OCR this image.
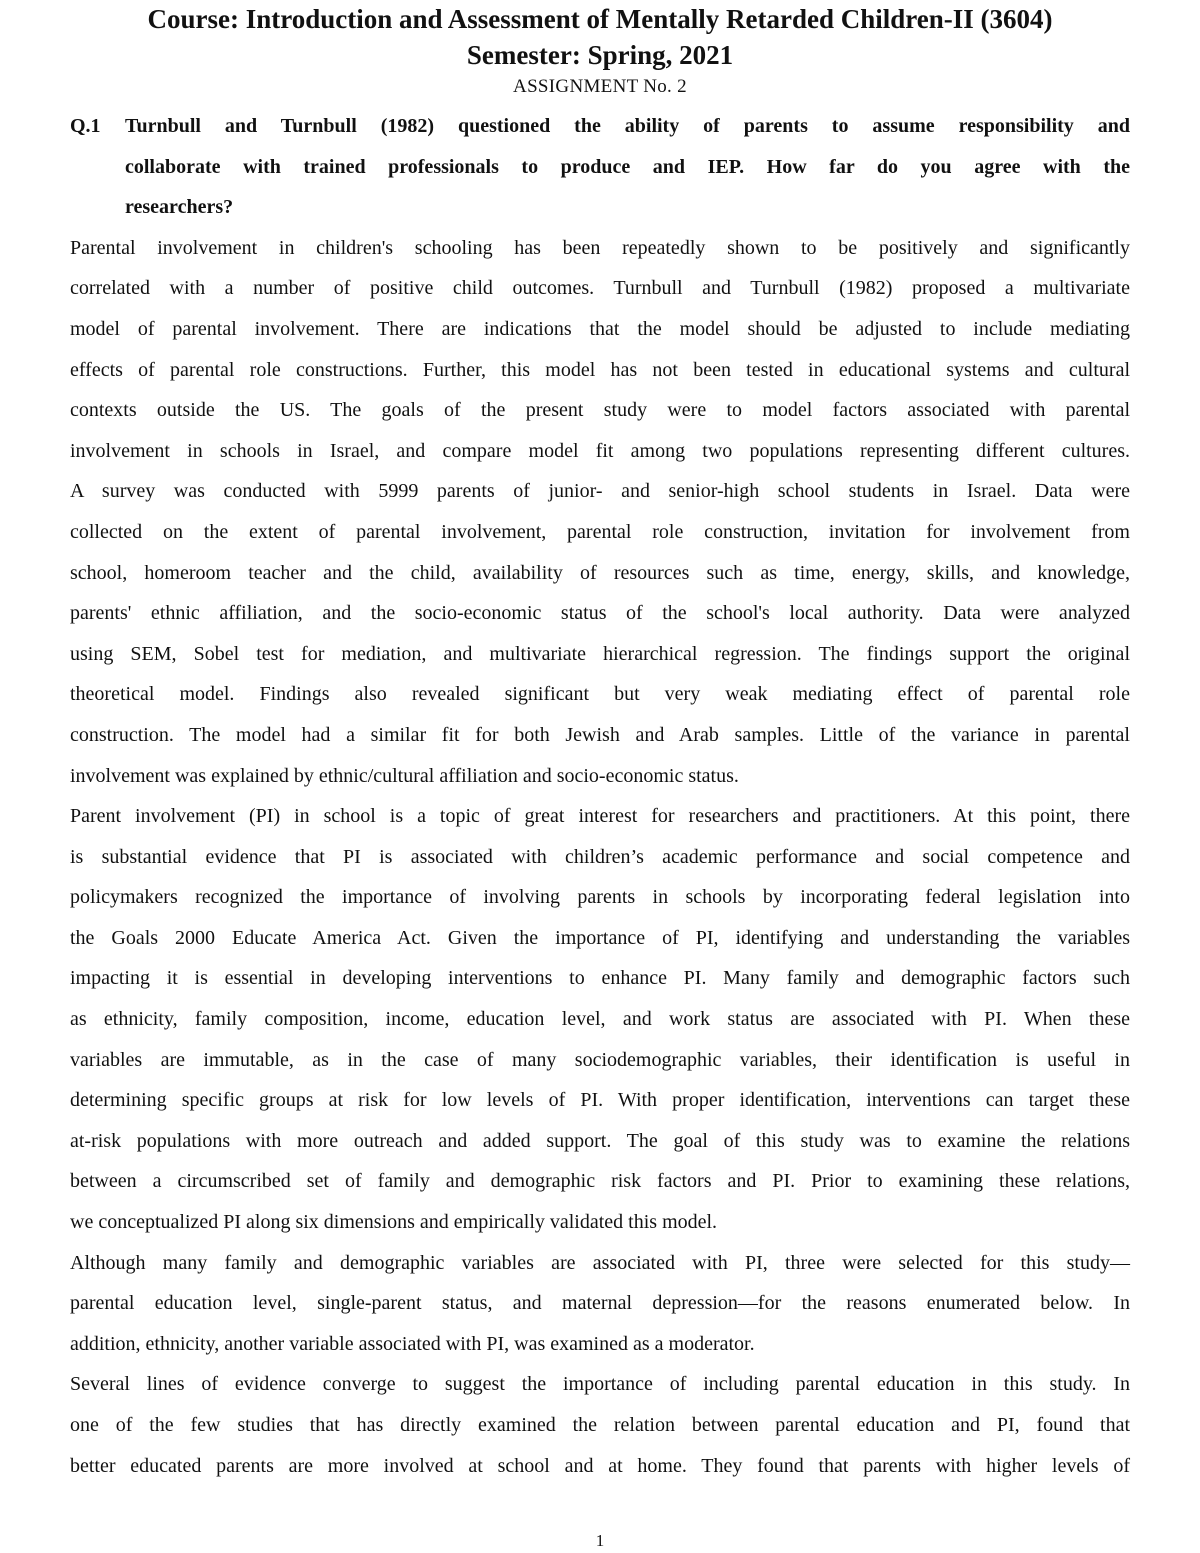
Course: Introduction and Assessment of Mentally Retarded Children-II (3604)
Semester: Spring, 2021
ASSIGNMENT No. 2
Q.1 Turnbull and Turnbull (1982) questioned the ability of parents to assume responsibility and
collaborate with trained professionals to produce and IEP. How far do you agree with the
researchers?
Parental involvement in children's schooling has been repeatedly shown to be positively and significantly
correlated with a number of positive child outcomes. Turnbull and Turnbull (1982) proposed a multivariate
model of parental involvement. There are indications that the model should be adjusted to include mediating
effects of parental role constructions. Further, this model has not been tested in educational systems and cultural
contexts outside the US. The goals of the present study were to model factors associated with parental
involvement in schools in Israel, and compare model fit among two populations representing different cultures.
A survey was conducted with 5999 parents of junior- and senior-high school students in Israel. Data were
collected on the extent of parental involvement, parental role construction, invitation for involvement from
school, homeroom teacher and the child, availability of resources such as time, energy, skills, and knowledge,
parents' ethnic affiliation, and the socio-economic status of the school's local authority. Data were analyzed
using SEM, Sobel test for mediation, and multivariate hierarchical regression. The findings support the original
theoretical model. Findings also revealed significant but very weak mediating effect of parental role
construction. The model had a similar fit for both Jewish and Arab samples. Little of the variance in parental
involvement was explained by ethnic/cultural affiliation and socio-economic status.
Parent involvement (PI) in school is a topic of great interest for researchers and practitioners. At this point, there
is substantial evidence that PI is associated with children’s academic performance and social competence and
policymakers recognized the importance of involving parents in schools by incorporating federal legislation into
the Goals 2000 Educate America Act. Given the importance of PI, identifying and understanding the variables
impacting it is essential in developing interventions to enhance PI. Many family and demographic factors such
as ethnicity, family composition, income, education level, and work status are associated with PI. When these
variables are immutable, as in the case of many sociodemographic variables, their identification is useful in
determining specific groups at risk for low levels of PI. With proper identification, interventions can target these
at-risk populations with more outreach and added support. The goal of this study was to examine the relations
between a circumscribed set of family and demographic risk factors and PI. Prior to examining these relations,
we conceptualized PI along six dimensions and empirically validated this model.
Although many family and demographic variables are associated with PI, three were selected for this study—
parental education level, single-parent status, and maternal depression—for the reasons enumerated below. In
addition, ethnicity, another variable associated with PI, was examined as a moderator.
Several lines of evidence converge to suggest the importance of including parental education in this study. In
one of the few studies that has directly examined the relation between parental education and PI, found that
better educated parents are more involved at school and at home. They found that parents with higher levels of
1
